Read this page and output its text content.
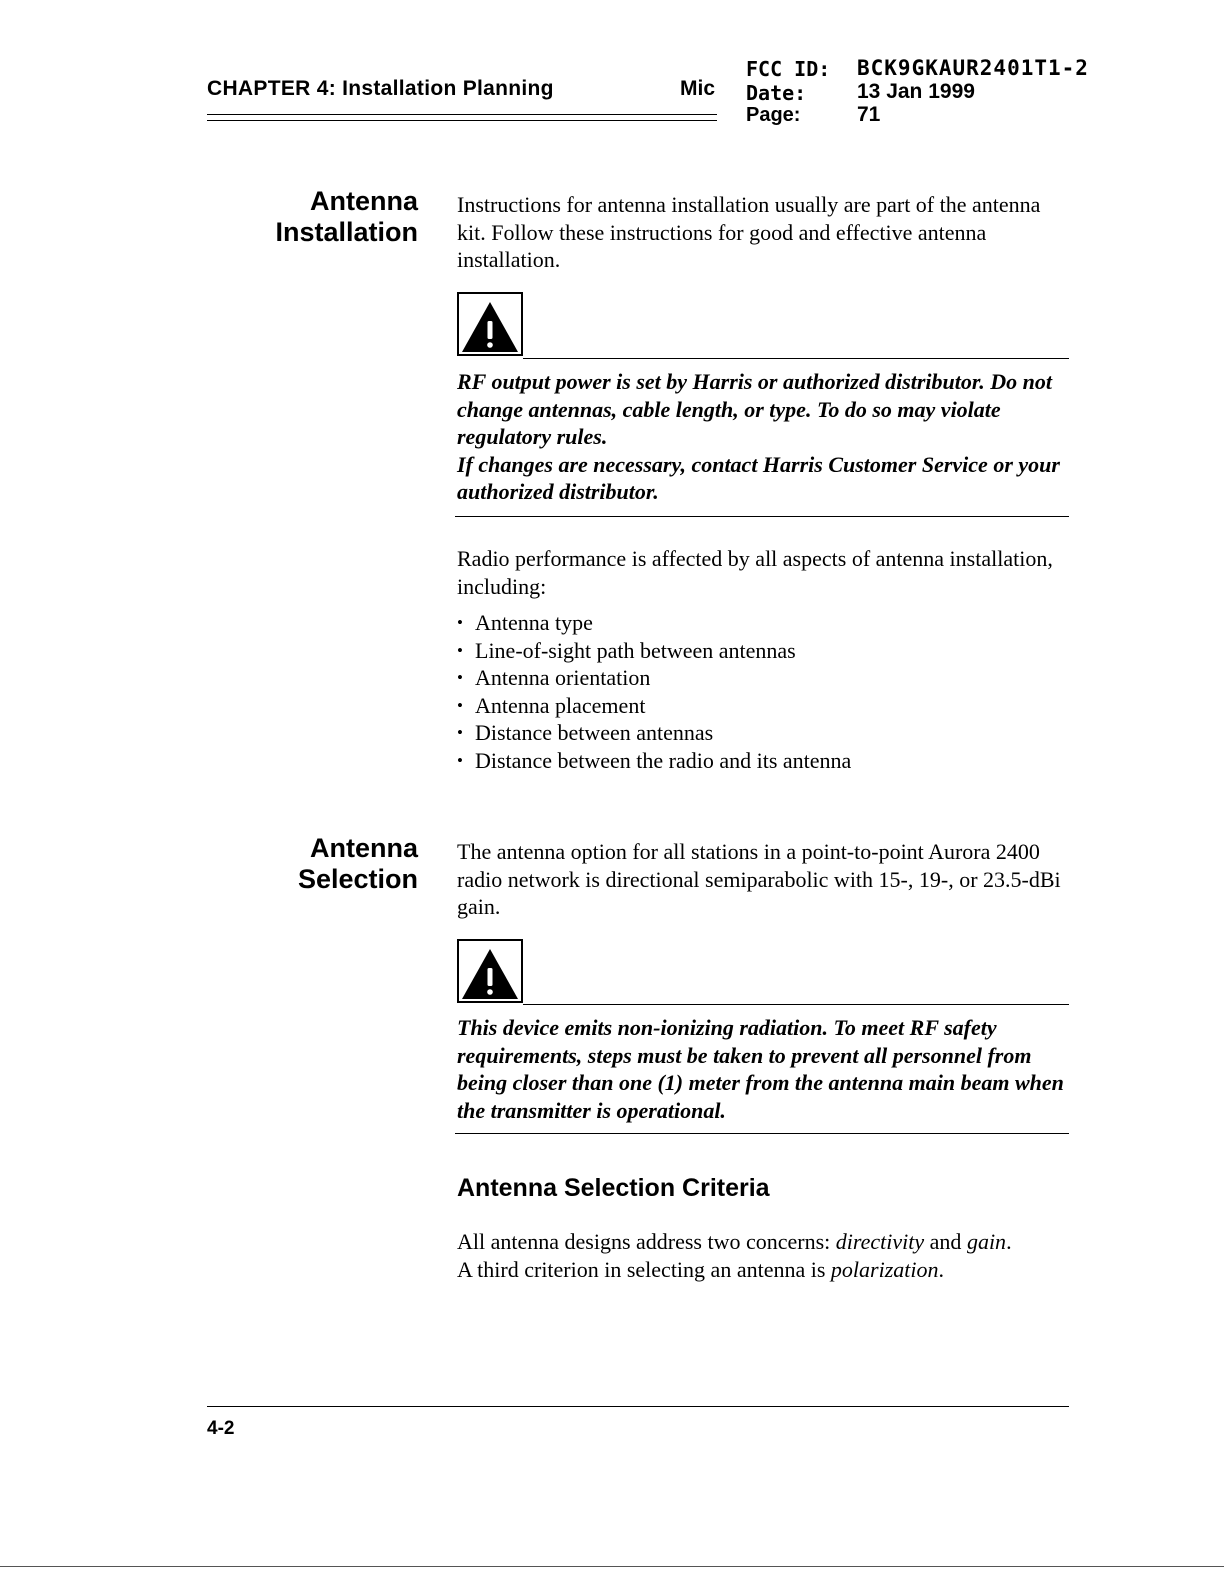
CHAPTER 4: Installation Planning	Mic
FCC ID: BCK9GKAUR2401T1-2
Date: 13 Jan 1999
Page:	71
Antenna
Installation
Instructions for antenna installation usually are part of the antenna kit. Follow these instructions for good and effective antenna installation.
RF output power is set by Harris or authorized distributor. Do not change antennas, cable length, or type. To do so may violate regulatory rules.
If changes are necessary, contact Harris Customer Service or your authorized distributor.
Radio performance is affected by all aspects of antenna installation, including:
• Antenna type
• Line-of-sight path between antennas
• Antenna orientation
• Antenna placement
• Distance between antennas
• Distance between the radio and its antenna
Antenna
Selection
The antenna option for all stations in a point-to-point Aurora 2400 radio network is directional semiparabolic with 15-, 19-, or 23.5-dBi gain.
This device emits non-ionizing radiation. To meet RF safety requirements, steps must be taken to prevent all personnel from being closer than one (1) meter from the antenna main beam when the transmitter is operational.
Antenna Selection Criteria
All antenna designs address two concerns: directivity and gain.
A third criterion in selecting an antenna is polarization.
4-2
